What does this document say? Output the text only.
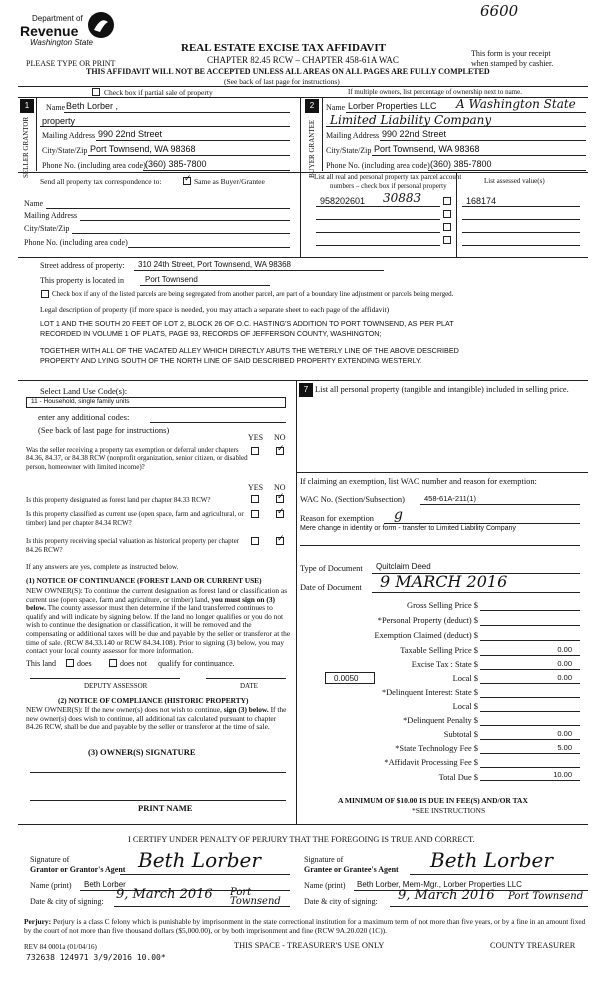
Department of
Revenue
Washington State
PLEASE TYPE OR PRINT
REAL ESTATE EXCISE TAX AFFIDAVIT
CHAPTER 82.45 RCW – CHAPTER 458-61A WAC
THIS AFFIDAVIT WILL NOT BE ACCEPTED UNLESS ALL AREAS ON ALL PAGES ARE FULLY COMPLETED
(See back of last page for instructions)
This form is your receipt
when stamped by cashier.
6600
Check box if partial sale of property	If multiple owners, list percentage of ownership next to name.
1
SELLER GRANTOR
Name Beth Lorber ,
property
Mailing Address 990 22nd Street
City/State/Zip Port Townsend, WA 98368
Phone No. (including area code) (360) 385-7800
2
BUYER GRANTEE
Name Lorber Properties LLC A Washington State
Limited Liability Company
Mailing Address 990 22nd Street
City/State/Zip Port Townsend, WA 98368
Phone No. (including area code) (360) 385-7800
Send all property tax correspondence to:
✓	Same as Buyer/Grantee
Name
Mailing Address
City/State/Zip
Phone No. (including area code)
List all real and personal property tax parcel account
numbers – check box if personal property
List assessed value(s)
958202601 30883	168174
Street address of property: 310 24th Street, Port Townsend, WA 98368
This property is located in	Port Townsend
Check box if any of the listed parcels are being segregated from another parcel, are part of a boundary line adjustment or parcels being merged.
Legal description of property (if more space is needed, you may attach a separate sheet to each page of the affidavit)
LOT 1 AND THE SOUTH 20 FEET OF LOT 2, BLOCK 26 OF O.C. HASTING'S ADDITION TO PORT TOWNSEND, AS PER PLAT
RECORDED IN VOLUME 1 OF PLATS, PAGE 93, RECORDS OF JEFFERSON COUNTY, WASHINGTON;
TOGETHER WITH ALL OF THE VACATED ALLEY WHICH DIRECTLY ABUTS THE WETERLY LINE OF THE ABOVE DESCRIBED
PROPERTY AND LYING SOUTH OF THE NORTH LINE OF SAID DESCRIBED PROPERTY EXTENDING WESTERLY.
Select Land Use Code(s):
11 - Household, single family units
enter any additional codes:
(See back of last page for instructions)
YES NO
Was the seller receiving a property tax exemption or deferral under chapters 84.36, 84.37, or 84.38 RCW (nonprofit organization, senior citizen, or disabled person, homeowner with limited income)?
✓
YES NO
Is this property designated as forest land per chapter 84.33 RCW?
✓
Is this property classified as current use (open space, farm and agricultural, or timber) land per chapter 84.34 RCW?
✓
Is this property receiving special valuation as historical property per chapter 84.26 RCW?
✓
If any answers are yes, complete as instructed below.
(1) NOTICE OF CONTINUANCE (FOREST LAND OR CURRENT USE)
NEW OWNER(S): To continue the current designation as forest land or classification as current use (open space, farm and agriculture, or timber) land, you must sign on (3) below. The county assessor must then determine if the land transferred continues to qualify and will indicate by signing below. If the land no longer qualifies or you do not wish to continue the designation or classification, it will be removed and the compensating or additional taxes will be due and payable by the seller or transferor at the time of sale. (RCW 84.33.140 or RCW 84.34.108). Prior to signing (3) below, you may contact your local county assessor for more information.
This land	does	does not qualify for continuance.
DEPUTY ASSESSOR	DATE
(2) NOTICE OF COMPLIANCE (HISTORIC PROPERTY)
NEW OWNER(S): If the new owner(s) does not wish to continue, sign (3) below. If the new owner(s) does wish to continue, all additional tax calculated pursuant to chapter 84.26 RCW, shall be due and payable by the seller or transferor at the time of sale.
(3) OWNER(S) SIGNATURE
PRINT NAME
7 List all personal property (tangible and intangible) included in selling price.
If claiming an exemption, list WAC number and reason for exemption:
WAC No. (Section/Subsection)	458-61A-211(1)
Reason for exemption g
Mere change in identity or form - transfer to Limited Liability Company
Type of Document Quitclaim Deed
Date of Document 9 MARCH 2016
Gross Selling Price $
*Personal Property (deduct) $
Exemption Claimed (deduct) $
Taxable Selling Price $	0.00
Excise Tax : State $	0.00
0.0050	Local $	0.00
*Delinquent Interest: State $
Local $
*Delinquent Penalty $
Subtotal $	0.00
*State Technology Fee $	5.00
*Affidavit Processing Fee $
Total Due $	10.00
A MINIMUM OF $10.00 IS DUE IN FEE(S) AND/OR TAX
*SEE INSTRUCTIONS
I CERTIFY UNDER PENALTY OF PERJURY THAT THE FOREGOING IS TRUE AND CORRECT.
Signature of
Grantor or Grantor's Agent Beth Lorber
Name (print) Beth Lorber
Date & city of signing: 9, March 2016 Port Townsend
Signature of
Grantee or Grantee's Agent Beth Lorber
Name (print) Beth Lorber, Mem-Mgr., Lorber Properties LLC
Date & city of signing: 9, March 2016 Port Townsend
Perjury: Perjury is a class C felony which is punishable by imprisonment in the state correctional institution for a maximum term of not more than five years, or by a fine in an amount fixed by the court of not more than five thousand dollars ($5,000.00), or by both imprisonment and fine (RCW 9A.20.020 (1C)).
REV 84 0001a (01/04/16)	THIS SPACE - TREASURER'S USE ONLY	COUNTY TREASURER
732638 124971 3/9/2016 10.00*
